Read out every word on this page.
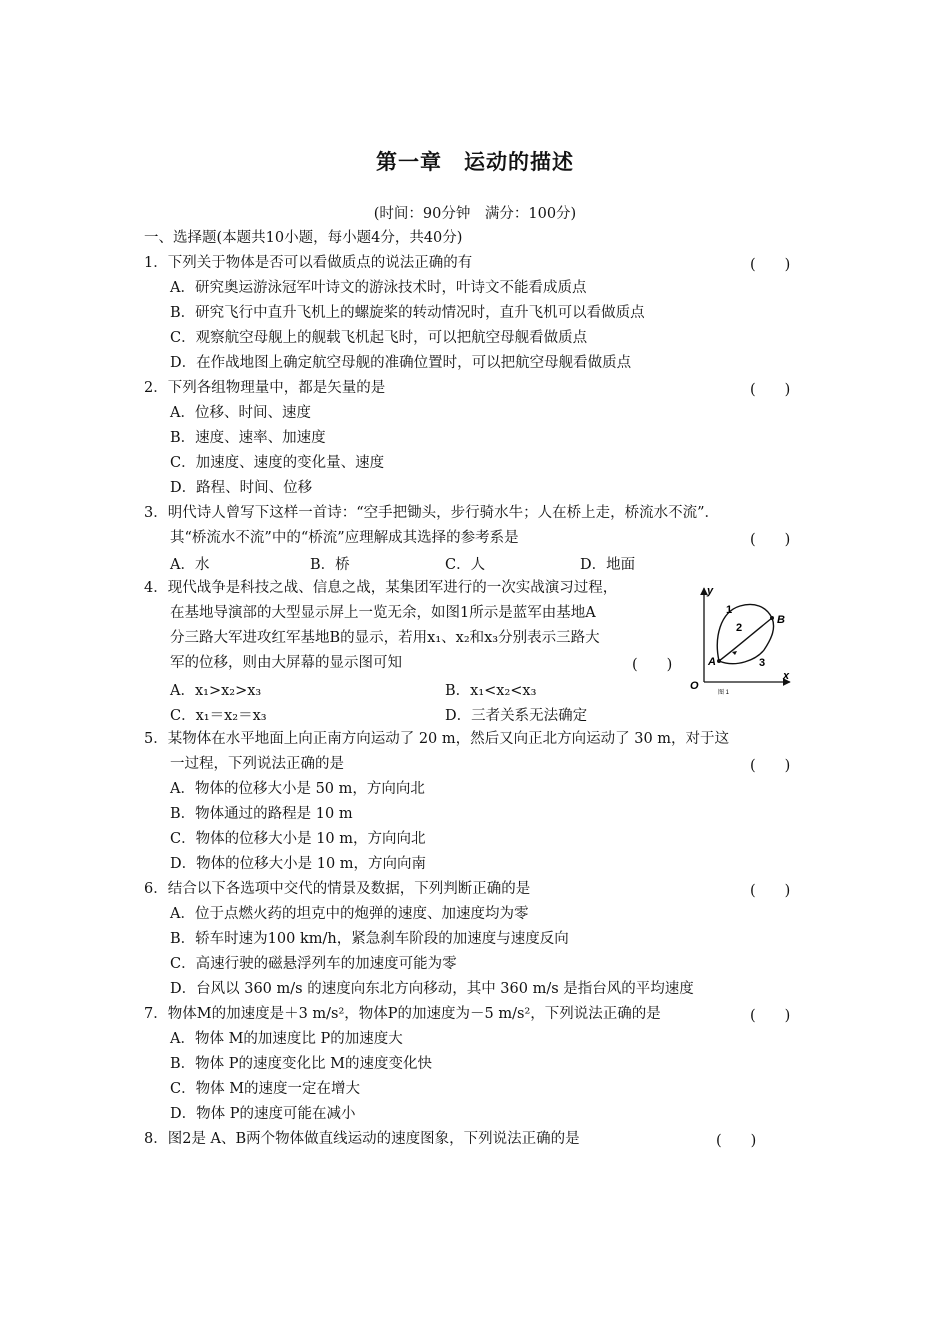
第一章　运动的描述
(时间：90分钟　满分：100分)
一、选择题(本题共10小题，每小题4分，共40分)
1．下列关于物体是否可以看做质点的说法正确的有	(　　)
A．研究奥运游泳冠军叶诗文的游泳技术时，叶诗文不能看成质点
B．研究飞行中直升飞机上的螺旋桨的转动情况时，直升飞机可以看做质点
C．观察航空母舰上的舰载飞机起飞时，可以把航空母舰看做质点
D．在作战地图上确定航空母舰的准确位置时，可以把航空母舰看做质点
2．下列各组物理量中，都是矢量的是	(　　)
A．位移、时间、速度
B．速度、速率、加速度
C．加速度、速度的变化量、速度
D．路程、时间、位移
3．明代诗人曾写下这样一首诗：“空手把锄头，步行骑水牛；人在桥上走，桥流水不流”．
其“桥流水不流”中的“桥流”应理解成其选择的参考系是	(　　)
A．水	B．桥	C．人	D．地面
4．现代战争是科技之战、信息之战，某集团军进行的一次实战演习过程，
在基地导演部的大型显示屏上一览无余，如图1所示是蓝军由基地A
分三路大军进攻红军基地B的显示，若用x₁、x₂和x₃分别表示三路大
军的位移，则由大屏幕的显示图可知	(　　)
A．x₁>x₂>x₃	B．x₁<x₂<x₃
C．x₁＝x₂＝x₃	D．三者关系无法确定
y
x
O
A
B
1
2
3
图 1
5．某物体在水平地面上向正南方向运动了 20 m，然后又向正北方向运动了 30 m，对于这
一过程，下列说法正确的是	(　　)
A．物体的位移大小是 50 m，方向向北
B．物体通过的路程是 10 m
C．物体的位移大小是 10 m，方向向北
D．物体的位移大小是 10 m，方向向南
6．结合以下各选项中交代的情景及数据，下列判断正确的是	(　　)
A．位于点燃火药的坦克中的炮弹的速度、加速度均为零
B．轿车时速为100 km/h，紧急刹车阶段的加速度与速度反向
C．高速行驶的磁悬浮列车的加速度可能为零
D．台风以 360 m/s 的速度向东北方向移动，其中 360 m/s 是指台风的平均速度
7．物体M的加速度是＋3 m/s²，物体P的加速度为－5 m/s²，下列说法正确的是	(　　)
A．物体 M的加速度比 P的加速度大
B．物体 P的速度变化比 M的速度变化快
C．物体 M的速度一定在增大
D．物体 P的速度可能在减小
8．图2是 A、B两个物体做直线运动的速度图象，下列说法正确的是	(　　)
